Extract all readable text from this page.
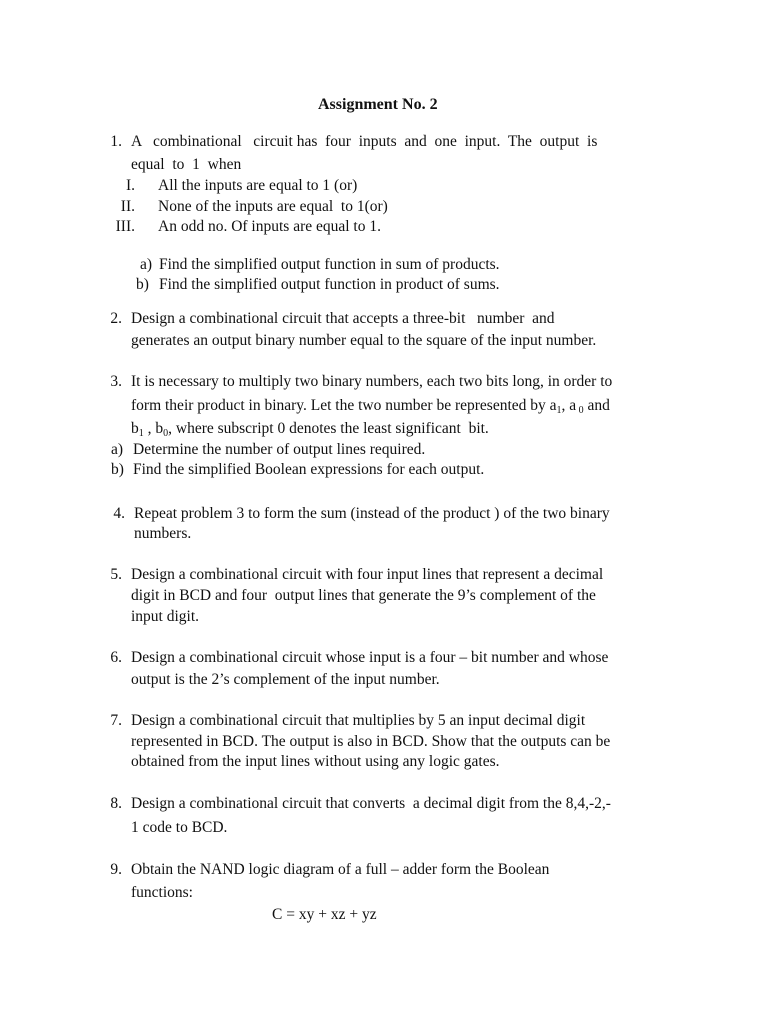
Assignment No. 2
1. A   combinational   circuit has  four  inputs  and  one  input.  The  output  is
equal  to  1  when
I. All the inputs are equal to 1 (or)
II. None of the inputs are equal  to 1(or)
III. An odd no. Of inputs are equal to 1.
a) Find the simplified output function in sum of products.
b) Find the simplified output function in product of sums.
2. Design a combinational circuit that accepts a three-bit   number  and
generates an output binary number equal to the square of the input number.
3. It is necessary to multiply two binary numbers, each two bits long, in order to
form their product in binary. Let the two number be represented by $a_1$, a $_0$ and
$b_1$ , $b_0$, where subscript 0 denotes the least significant  bit.
a) Determine the number of output lines required.
b) Find the simplified Boolean expressions for each output.
4. Repeat problem 3 to form the sum (instead of the product ) of the two binary
numbers.
5. Design a combinational circuit with four input lines that represent a decimal
digit in BCD and four  output lines that generate the 9’s complement of the
input digit.
6. Design a combinational circuit whose input is a four – bit number and whose
output is the 2’s complement of the input number.
7. Design a combinational circuit that multiplies by 5 an input decimal digit
represented in BCD. The output is also in BCD. Show that the outputs can be
obtained from the input lines without using any logic gates.
8. Design a combinational circuit that converts  a decimal digit from the 8,4,-2,-
1 code to BCD.
9. Obtain the NAND logic diagram of a full – adder form the Boolean
functions:
C = xy + xz + yz
